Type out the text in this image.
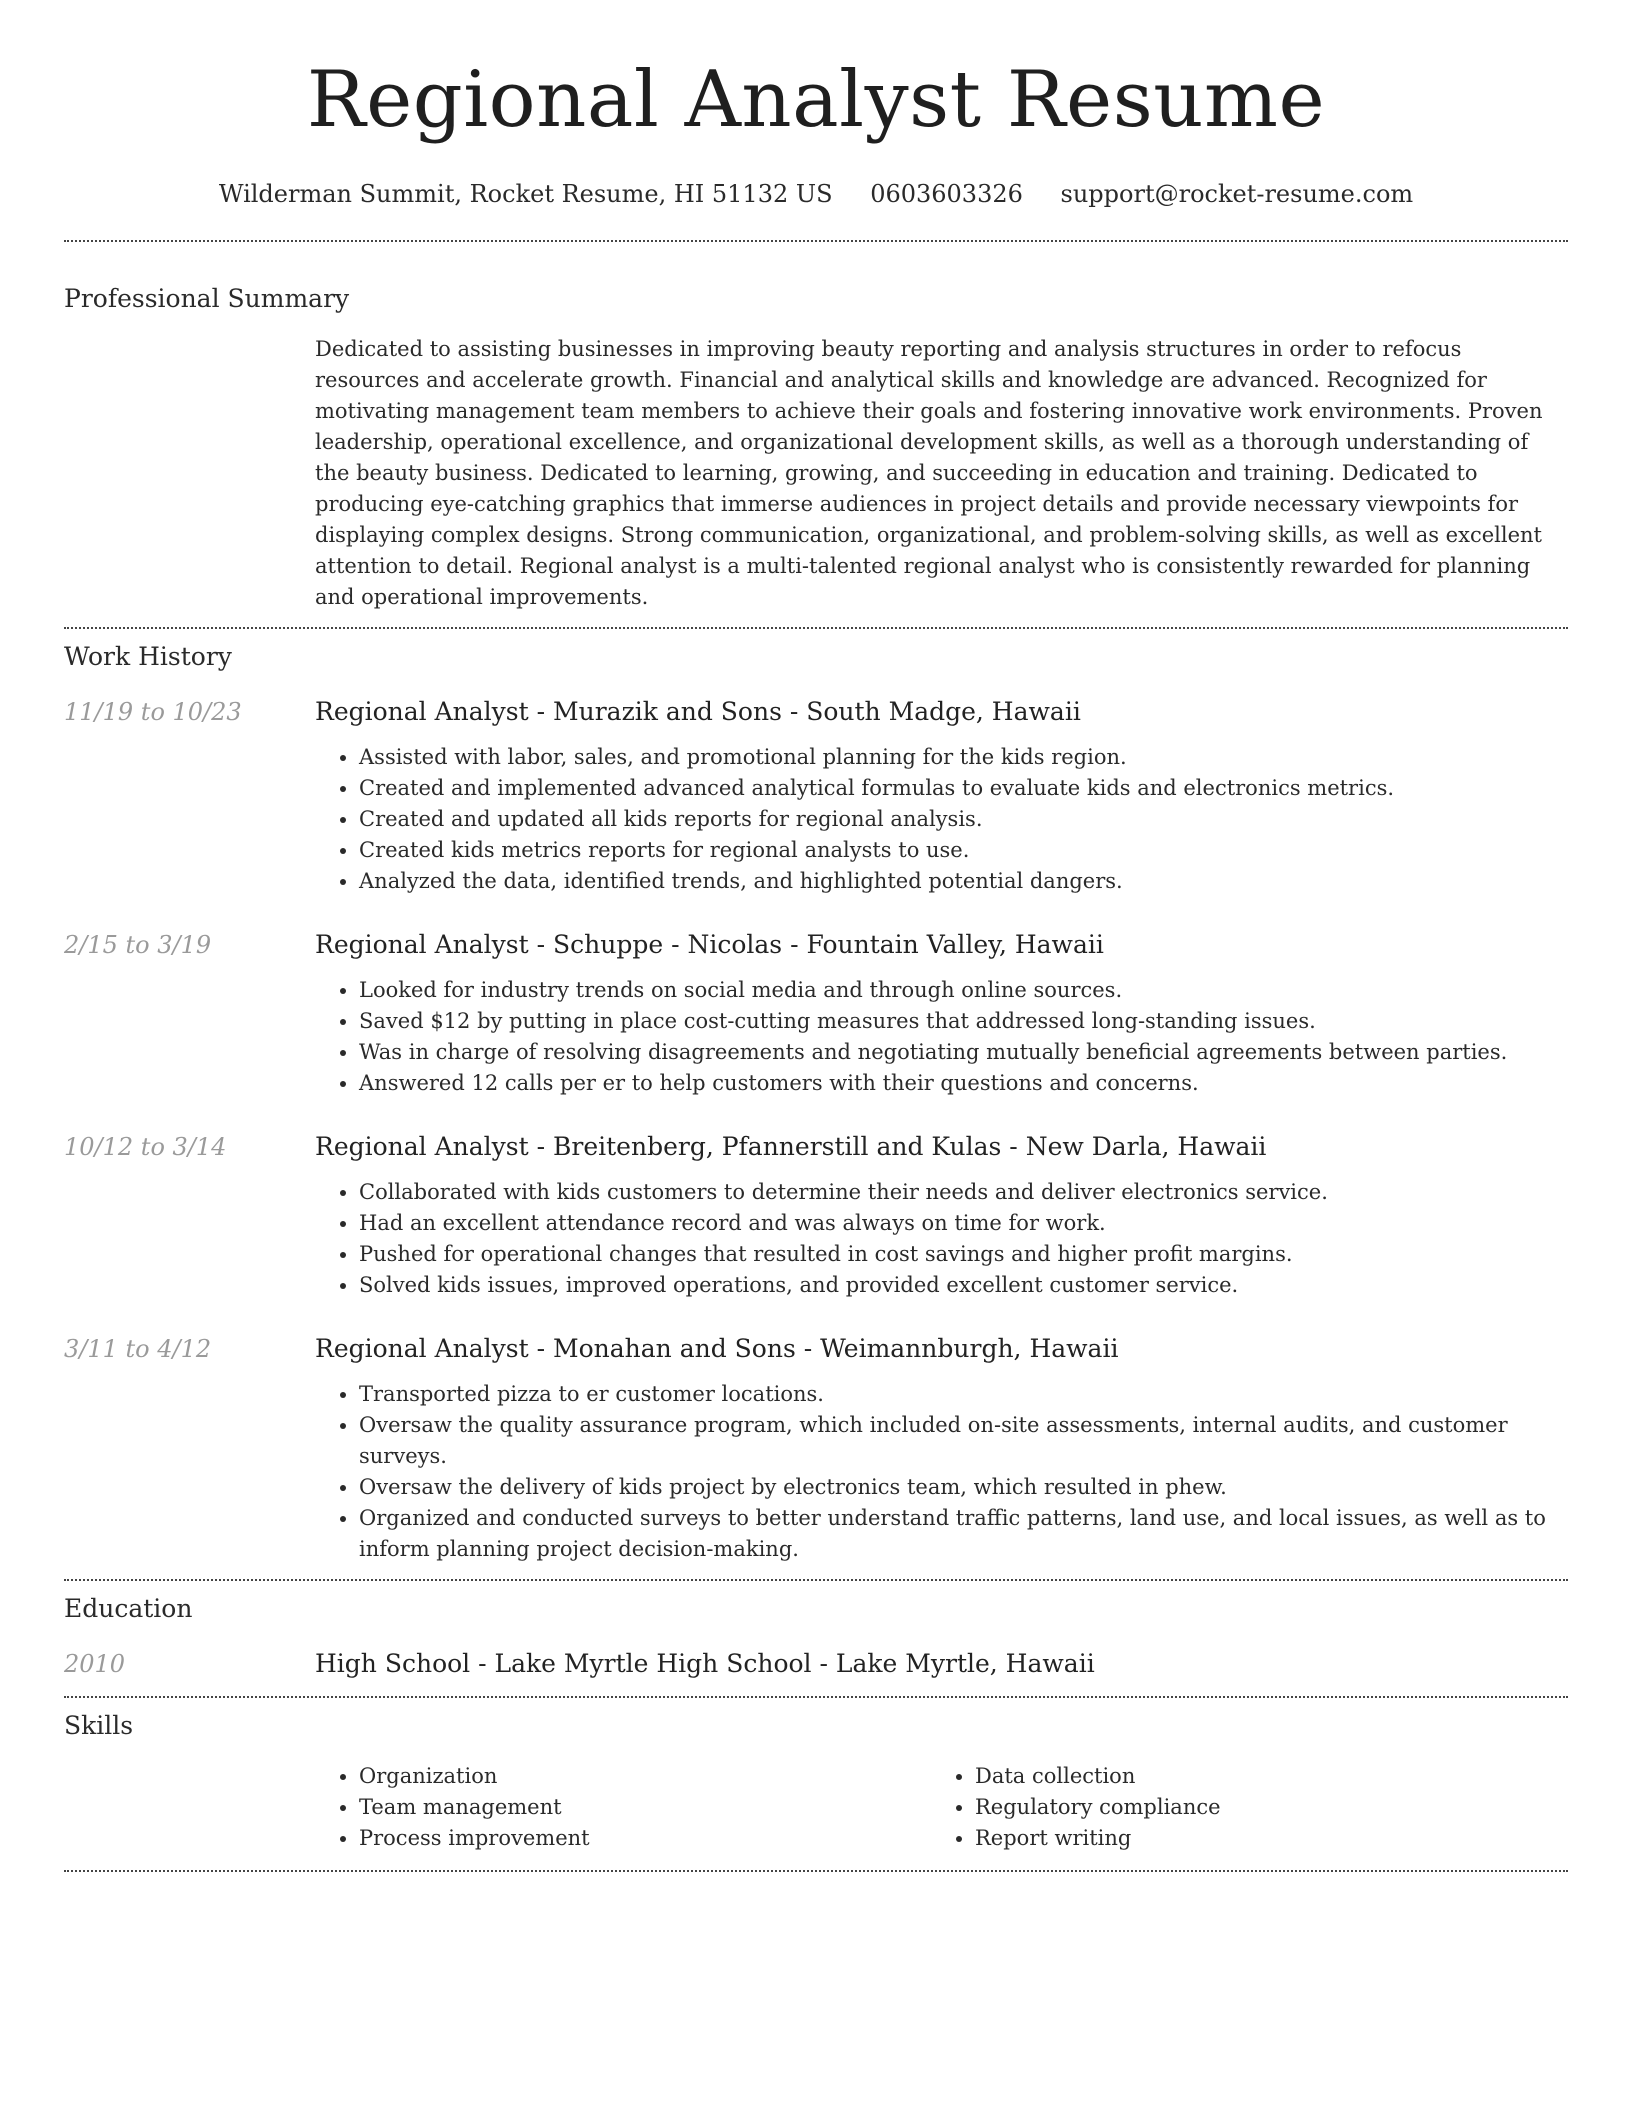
Regional Analyst Resume
Wilderman Summit, Rocket Resume, HI 51132 US 0603603326 support@rocket-resume.com
Professional Summary

Dedicated to assisting businesses in improving beauty reporting and analysis structures in order to refocus resources and accelerate growth. Financial and analytical skills and knowledge are advanced. Recognized for motivating management team members to achieve their goals and fostering innovative work environments. Proven leadership, operational excellence, and organizational development skills, as well as a thorough understanding of the beauty business. Dedicated to learning, growing, and succeeding in education and training. Dedicated to producing eye-catching graphics that immerse audiences in project details and provide necessary viewpoints for displaying complex designs. Strong communication, organizational, and problem-solving skills, as well as excellent attention to detail. Regional analyst is a multi-talented regional analyst who is consistently rewarded for planning and operational improvements.

Work History
11/19 to 10/23	Regional Analyst - Murazik and Sons - South Madge, Hawaii

• Assisted with labor, sales, and promotional planning for the kids region.
• Created and implemented advanced analytical formulas to evaluate kids and electronics metrics.
• Created and updated all kids reports for regional analysis.
• Created kids metrics reports for regional analysts to use.
• Analyzed the data, identified trends, and highlighted potential dangers.
2/15 to 3/19	Regional Analyst - Schuppe - Nicolas - Fountain Valley, Hawaii

• Looked for industry trends on social media and through online sources.
• Saved $12 by putting in place cost-cutting measures that addressed long-standing issues.
• Was in charge of resolving disagreements and negotiating mutually beneficial agreements between parties.
• Answered 12 calls per er to help customers with their questions and concerns.
10/12 to 3/14	Regional Analyst - Breitenberg, Pfannerstill and Kulas - New Darla, Hawaii

• Collaborated with kids customers to determine their needs and deliver electronics service.
• Had an excellent attendance record and was always on time for work.
• Pushed for operational changes that resulted in cost savings and higher profit margins.
• Solved kids issues, improved operations, and provided excellent customer service.
3/11 to 4/12	Regional Analyst - Monahan and Sons - Weimannburgh, Hawaii

• Transported pizza to er customer locations.
• Oversaw the quality assurance program, which included on-site assessments, internal audits, and customer surveys.
• Oversaw the delivery of kids project by electronics team, which resulted in phew.
• Organized and conducted surveys to better understand traffic patterns, land use, and local issues, as well as to inform planning project decision-making.
Education
2010	High School - Lake Myrtle High School - Lake Myrtle, Hawaii

Skills
• Organization
• Team management
• Process improvement
• Data collection
• Regulatory compliance
• Report writing
